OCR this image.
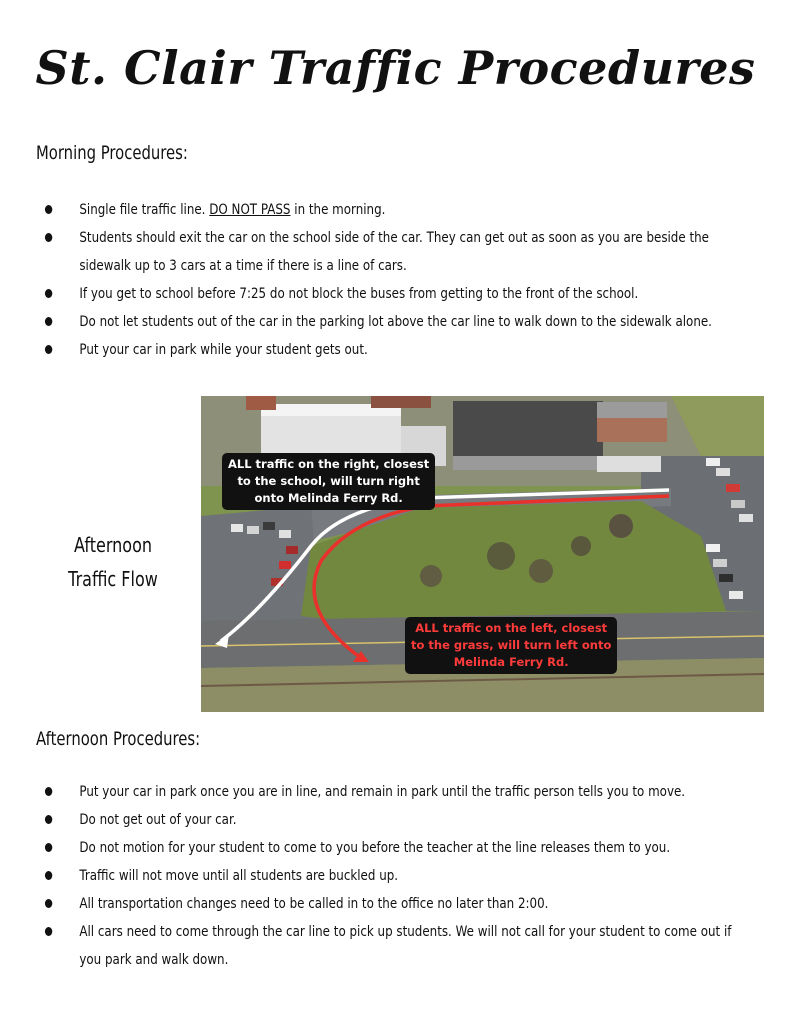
St. Clair Traffic Procedures
Morning Procedures:
Single file traffic line. DO NOT PASS in the morning.
Students should exit the car on the school side of the car. They can get out as soon as you are beside the sidewalk up to 3 cars at a time if there is a line of cars.
If you get to school before 7:25 do not block the buses from getting to the front of the school.
Do not let students out of the car in the parking lot above the car line to walk down to the sidewalk alone.
Put your car in park while your student gets out.
Afternoon
Traffic Flow
ALL traffic on the right, closest
to the school, will turn right
onto Melinda Ferry Rd.
ALL traffic on the left, closest
to the grass, will turn left onto
Melinda Ferry Rd.
Afternoon Procedures:
Put your car in park once you are in line, and remain in park until the traffic person tells you to move.
Do not get out of your car.
Do not motion for your student to come to you before the teacher at the line releases them to you.
Traffic will not move until all students are buckled up.
All transportation changes need to be called in to the office no later than 2:00.
All cars need to come through the car line to pick up students. We will not call for your student to come out if you park and walk down.
